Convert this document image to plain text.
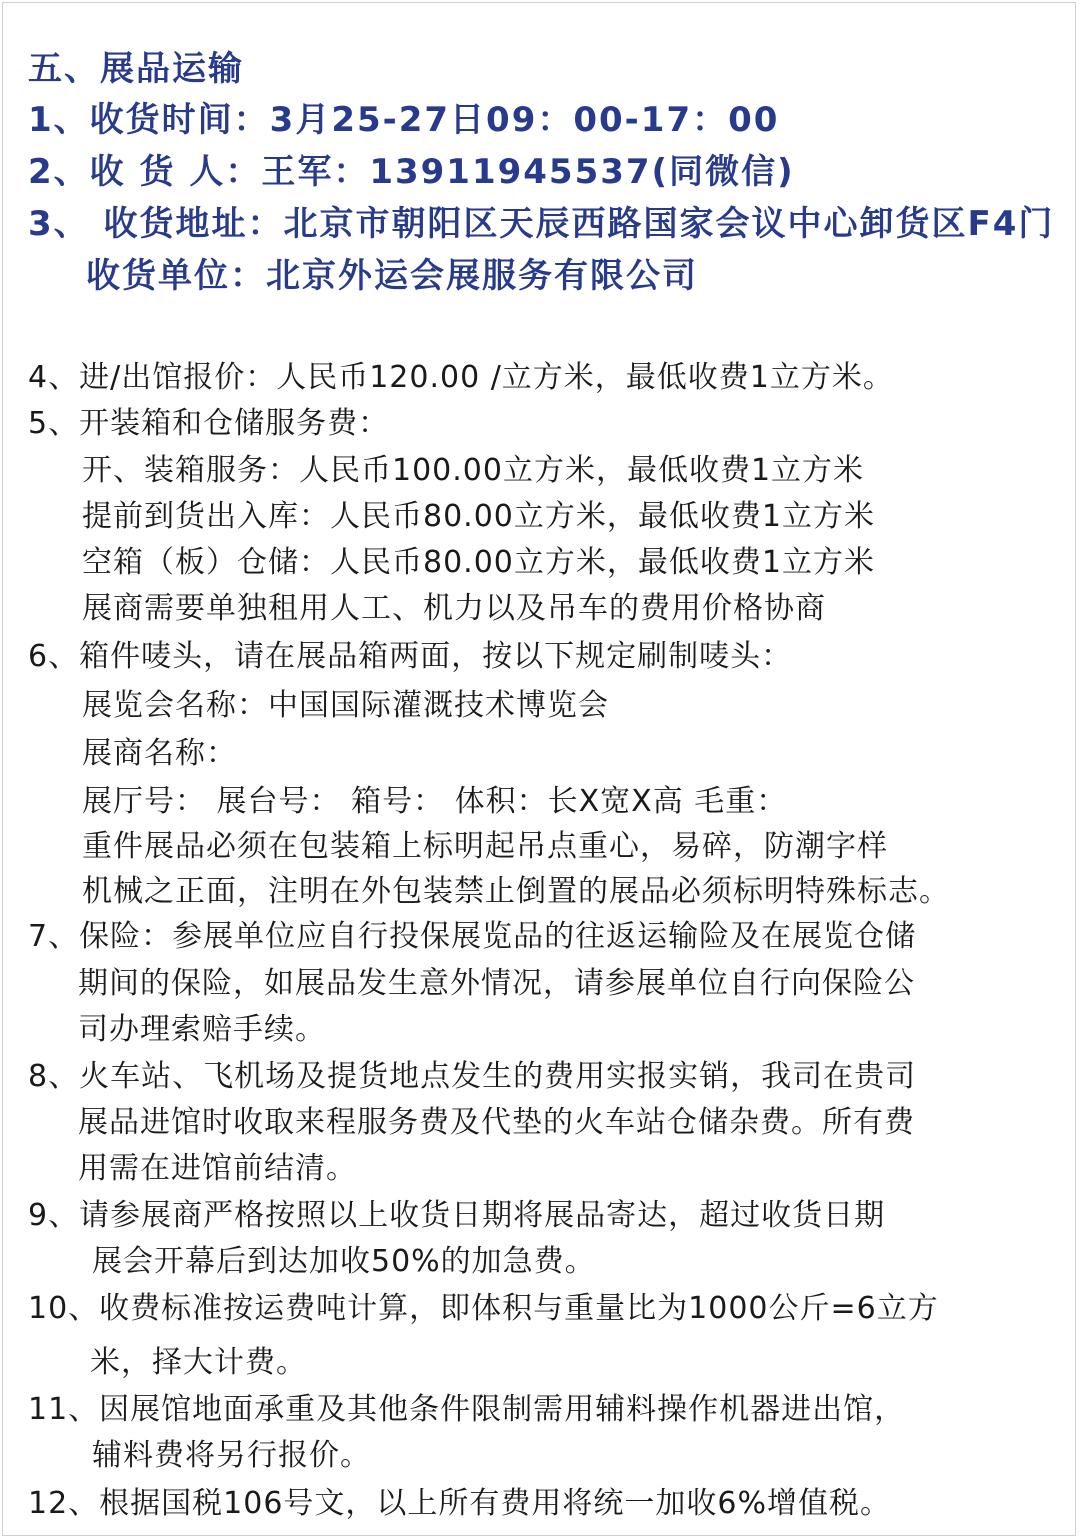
五、展品运输
1、收货时间：3月25-27日09：00-17：00
2、收 货 人：王军：13911945537(同微信)
3、 收货地址：北京市朝阳区天辰西路国家会议中心卸货区F4门
收货单位：北京外运会展服务有限公司
4、进/出馆报价：人民币120.00 /立方米，最低收费1立方米。
5、开装箱和仓储服务费：
开、装箱服务：人民币100.00立方米，最低收费1立方米
提前到货出入库：人民币80.00立方米，最低收费1立方米
空箱（板）仓储：人民币80.00立方米，最低收费1立方米
展商需要单独租用人工、机力以及吊车的费用价格协商
6、箱件唛头，请在展品箱两面，按以下规定刷制唛头：
展览会名称：中国国际灌溉技术博览会
展商名称：
展厅号： 展台号： 箱号： 体积：长X宽X高 毛重：
重件展品必须在包装箱上标明起吊点重心，易碎，防潮字样
机械之正面，注明在外包装禁止倒置的展品必须标明特殊标志。
7、保险：参展单位应自行投保展览品的往返运输险及在展览仓储
期间的保险，如展品发生意外情况，请参展单位自行向保险公
司办理索赔手续。
8、火车站、飞机场及提货地点发生的费用实报实销，我司在贵司
展品进馆时收取来程服务费及代垫的火车站仓储杂费。所有费
用需在进馆前结清。
9、请参展商严格按照以上收货日期将展品寄达，超过收货日期
展会开幕后到达加收50%的加急费。
10、收费标准按运费吨计算，即体积与重量比为1000公斤=6立方
米，择大计费。
11、因展馆地面承重及其他条件限制需用辅料操作机器进出馆，
辅料费将另行报价。
12、根据国税106号文，以上所有费用将统一加收6%增值税。
